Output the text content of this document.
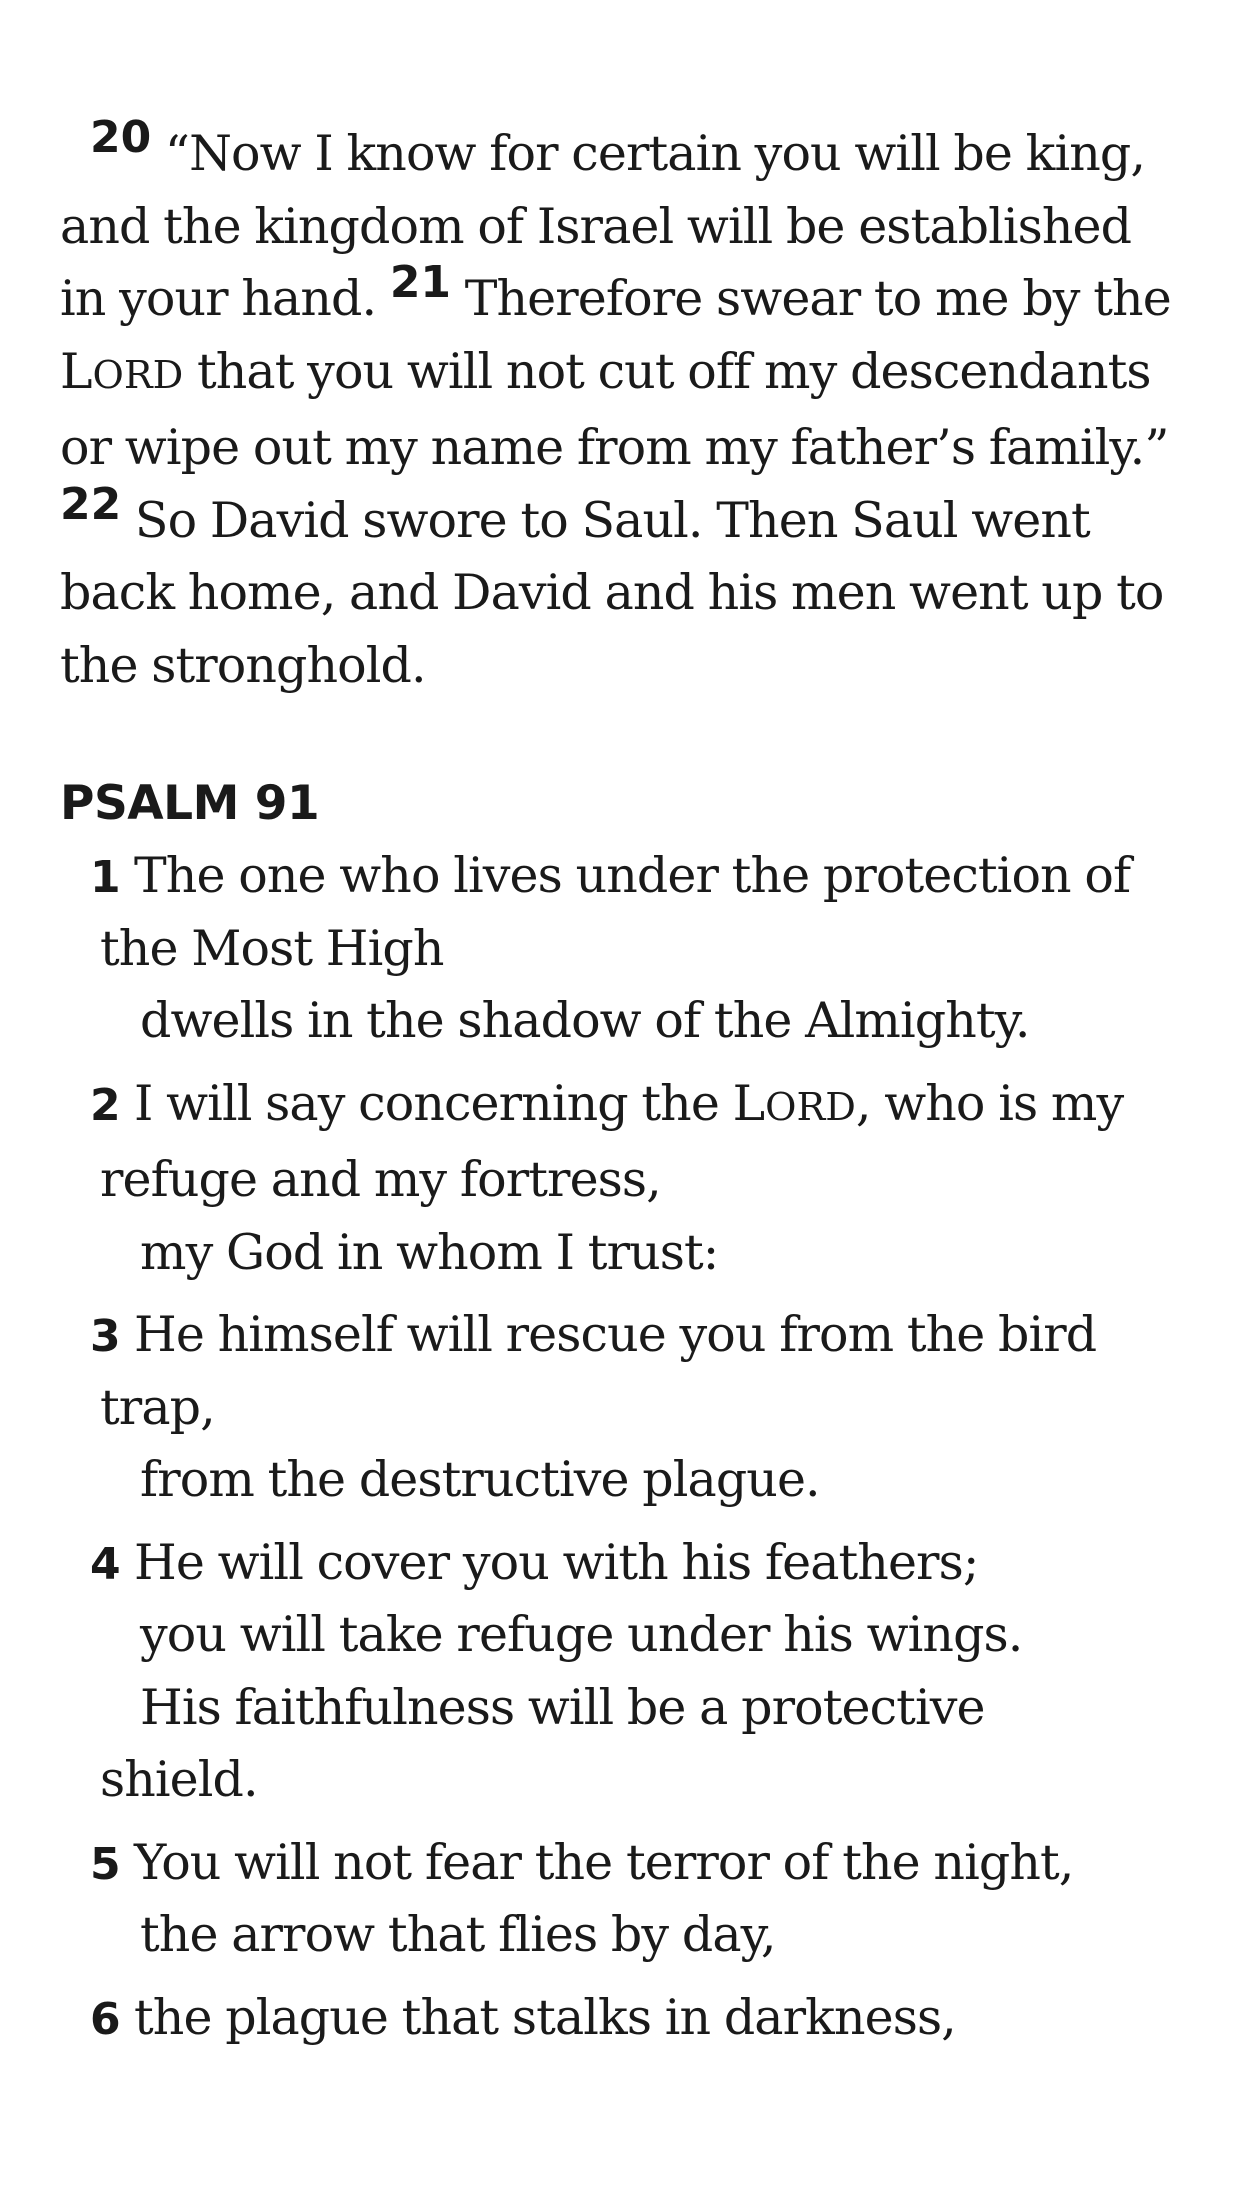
20 “Now I know for certain you will be king, and the kingdom of Israel will be established in your hand. 21 Therefore swear to me by the LORD that you will not cut off my descendants or wipe out my name from my father’s family.” 22 So David swore to Saul. Then Saul went back home, and David and his men went up to the stronghold.

PSALM 91
1 The one who lives under the protection of

the Most High

dwells in the shadow of the Almighty.

2 I will say concerning the LORD, who is my

refuge and my fortress,

my God in whom I trust:

3 He himself will rescue you from the bird

trap,

from the destructive plague.

4 He will cover you with his feathers;

you will take refuge under his wings.

His faithfulness will be a protective

shield.

5 You will not fear the terror of the night,

the arrow that flies by day,

6 the plague that stalks in darkness,
